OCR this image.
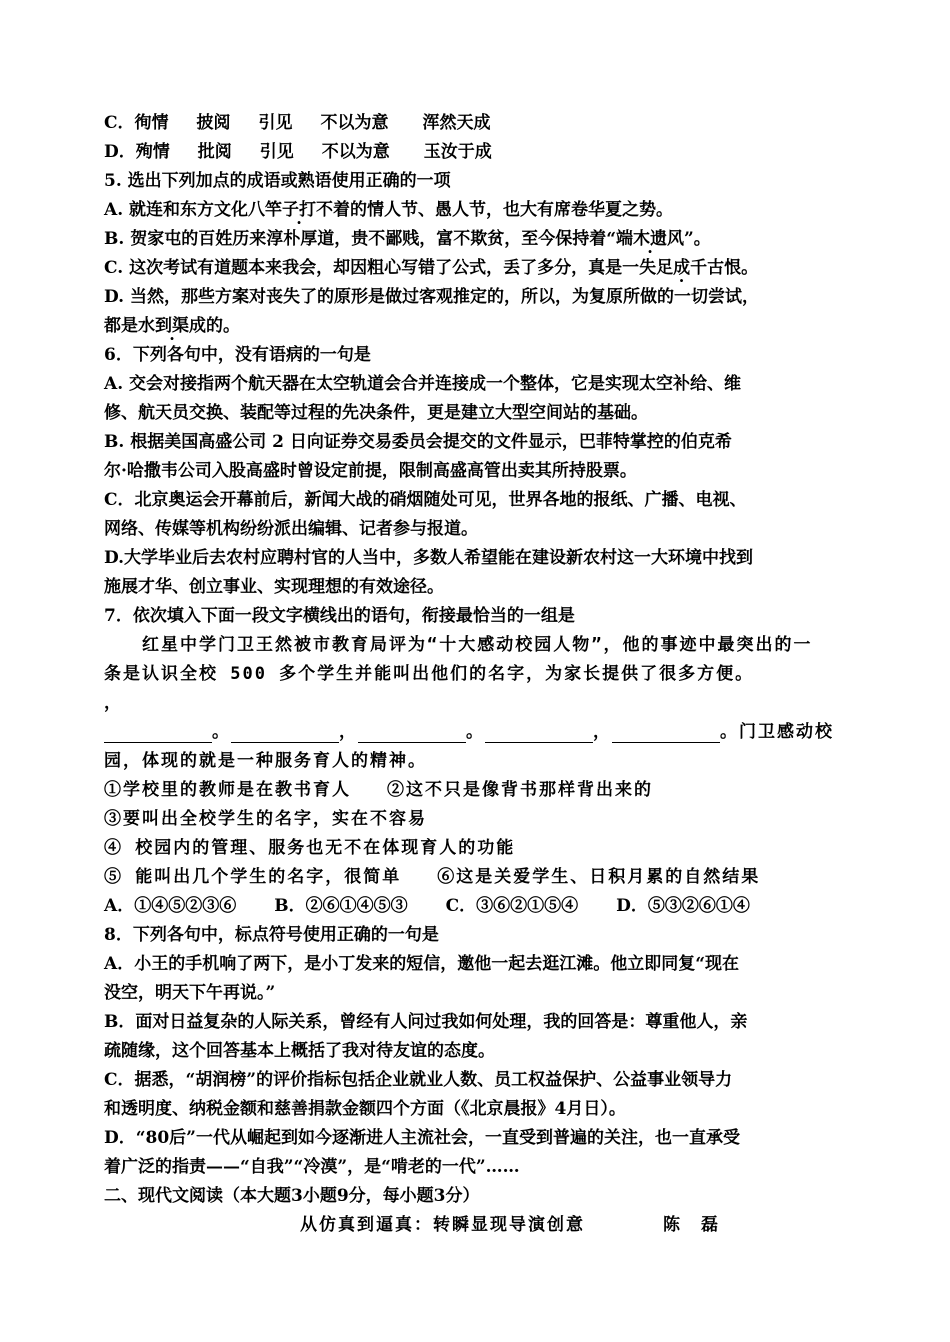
C．徇情 披阅 引见 不以为意 浑然天成
D．殉情 批阅 引见 不以为意 玉汝于成
5. 选出下列加点的成语或熟语使用正确的一项
A. 就连和东方文化八竿子打不着 ·的情人节、愚人节，也大有席卷华夏之势。
B. 贺家屯的百姓历来淳朴厚道，贵不鄙贱，富不欺贫，至今保持着“端木遗风”。
C. 这次考试有道题本来我会，却因粗心写错了公式，丢了多分，真是一失足成千古恨 ·。
D. 当然，那些方案对丧失了的原形是做过客观推定的，所以，为复原所做的一切尝试，
都是水到渠成的。
6．下列各句中，没有语病的一句是
A. 交会对接指两个航天器在太空轨道会合并连接成一个整体，它是实现太空补给、维
修、航天员交换、装配等过程的先决条件，更是建立大型空间站的基础。
B. 根据美国高盛公司 2 日向证券交易委员会提交的文件显示，巴菲特掌控的伯克希
尔·哈撒韦公司入股高盛时曾设定前提，限制高盛高管出卖其所持股票。
C．北京奥运会开幕前后，新闻大战的硝烟随处可见，世界各地的报纸、广播、电视、
网络、传媒等机构纷纷派出编辑、记者参与报道。
D.大学毕业后去农村应聘村官的人当中，多数人希望能在建设新农村这一大环境中找到
施展才华、创立事业、实现理想的有效途径。
7．依次填入下面一段文字横线出的语句，衔接最恰当的一组是
　　红星中学门卫王然被市教育局评为“十大感动校园人物”，他的事迹中最突出的一
条是认识全校 500 多个学生并能叫出他们的名字，为家长提供了很多方便。
，
。	，	。	，	。门卫感动校
园，体现的就是一种服务育人的精神。
①学校里的教师是在教书育人 ②这不只是像背书那样背出来的
③要叫出全校学生的名字，实在不容易
④ 校园内的管理、服务也无不在体现育人的功能
⑤ 能叫出几个学生的名字，很简单 ⑥这是关爱学生、日积月累的自然结果
A．①④⑤②③⑥ B．②⑥①④⑤③ C．③⑥②①⑤④ D．⑤③②⑥①④
8．下列各句中，标点符号使用正确的一句是
A．小王的手机响了两下，是小丁发来的短信，邀他一起去逛江滩。他立即同复“现在
没空，明天下午再说。”
B．面对日益复杂的人际关系，曾经有人问过我如何处理，我的回答是：尊重他人，亲
疏随缘，这个回答基本上概括了我对待友谊的态度。
C．据悉，“胡润榜”的评价指标包括企业就业人数、员工权益保护、公益事业领导力
和透明度、纳税金额和慈善捐款金额四个方面（《北京晨报》4月日）。
D．“80后”一代从崛起到如今逐渐进人主流社会，一直受到普遍的关注，也一直承受
着广泛的指责——“自我”“冷漠”，是“啃老的一代”……
二、现代文阅读（本大题3小题9分，每小题3分）
从仿真到逼真：转瞬显现导演创意	陈　磊
